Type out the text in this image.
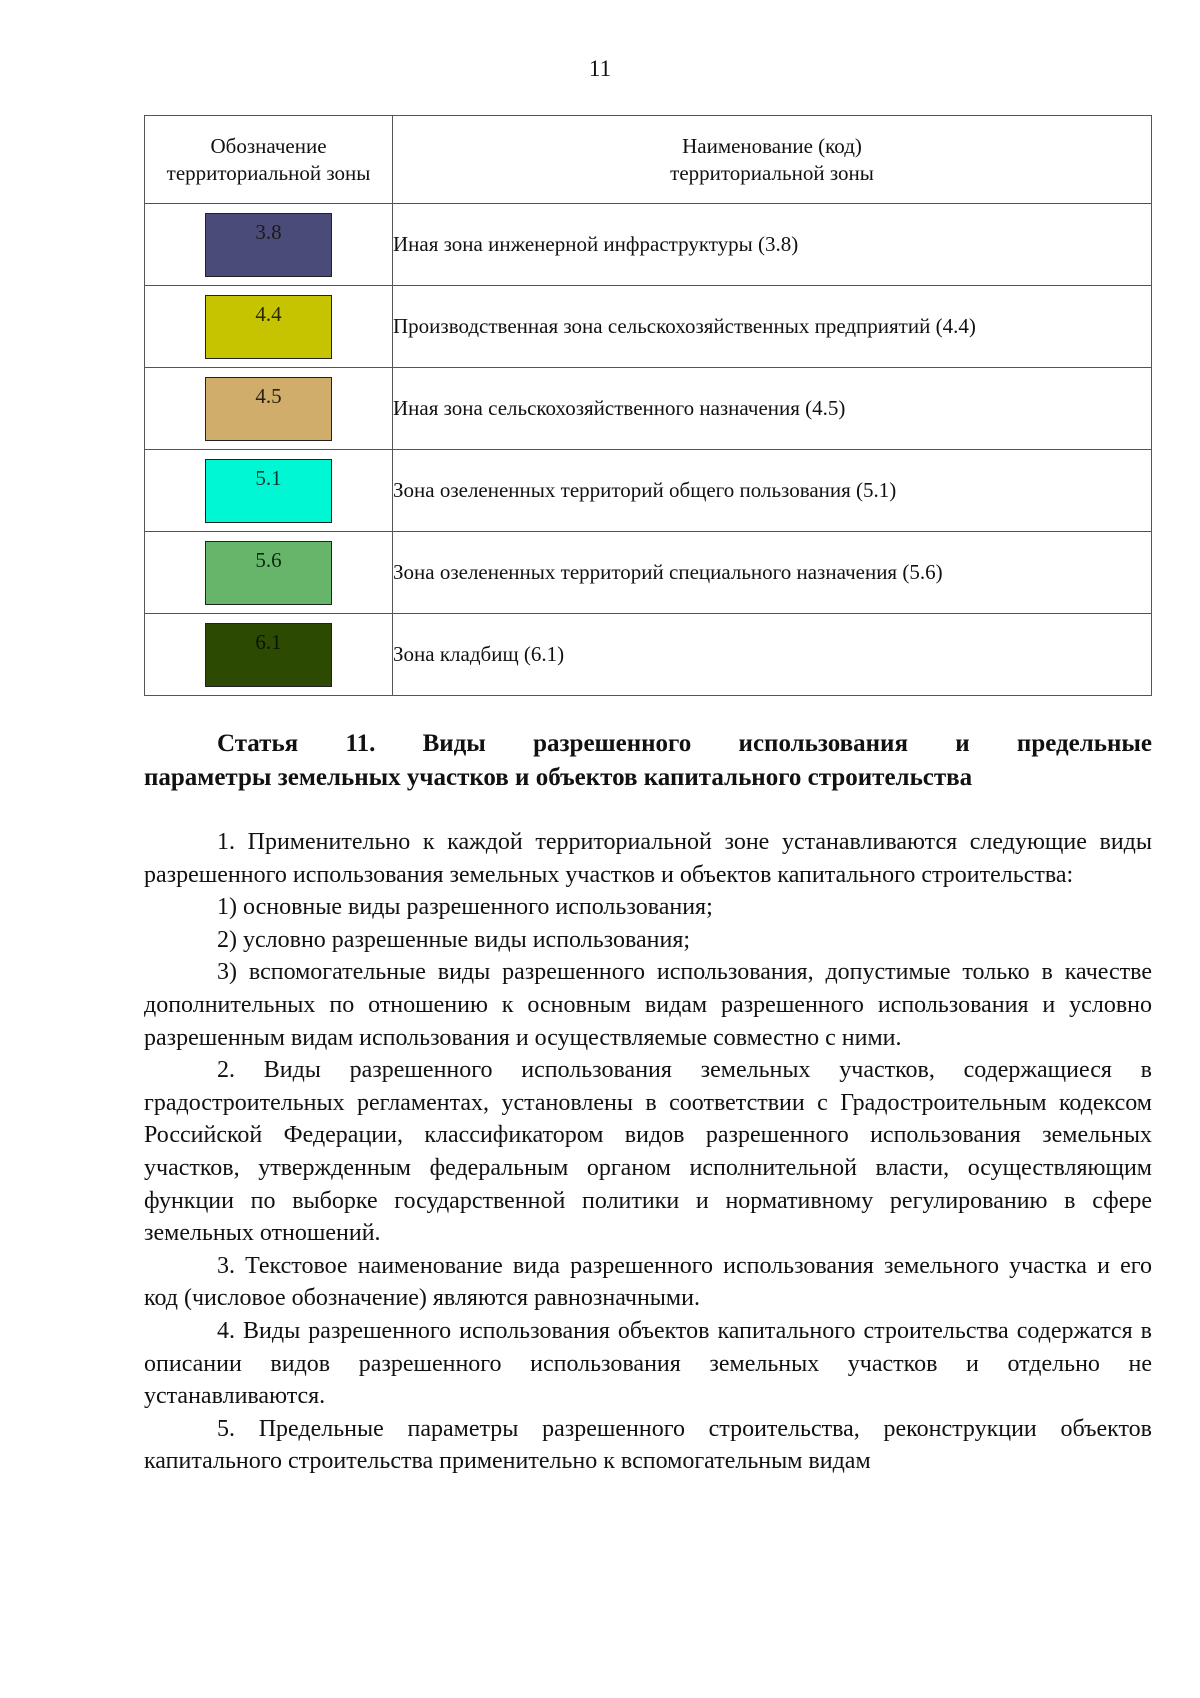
11
Обозначение территориальной зоны	Наименование (код)
территориальной зоны
3.8	Иная зона инженерной инфраструктуры (3.8)
4.4	Производственная зона сельскохозяйственных предприятий (4.4)
4.5	Иная зона сельскохозяйственного назначения (4.5)
5.1	Зона озелененных территорий общего пользования (5.1)
5.6	Зона озелененных территорий специального назначения (5.6)
6.1	Зона кладбищ (6.1)
Статья 11. Виды разрешенного использования и предельные
параметры земельных участков и объектов капитального строительства

1. Применительно к каждой территориальной зоне устанавливаются следующие виды разрешенного использования земельных участков и объектов капитального строительства:

1) основные виды разрешенного использования;

2) условно разрешенные виды использования;

3) вспомогательные виды разрешенного использования, допустимые только в качестве дополнительных по отношению к основным видам разрешенного использования и условно разрешенным видам использования и осуществляемые совместно с ними.

2. Виды разрешенного использования земельных участков, содержащиеся в градостроительных регламентах, установлены в соответствии с Градостроительным кодексом Российской Федерации, классификатором видов разрешенного использования земельных участков, утвержденным федеральным органом исполнительной власти, осуществляющим функции по выборке государственной политики и нормативному регулированию в сфере земельных отношений.

3. Текстовое наименование вида разрешенного использования земельного участка и его код (числовое обозначение) являются равнозначными.

4. Виды разрешенного использования объектов капитального строительства содержатся в описании видов разрешенного использования земельных участков и отдельно не устанавливаются.

5. Предельные параметры разрешенного строительства, реконструкции объектов капитального строительства применительно к вспомогательным видам
